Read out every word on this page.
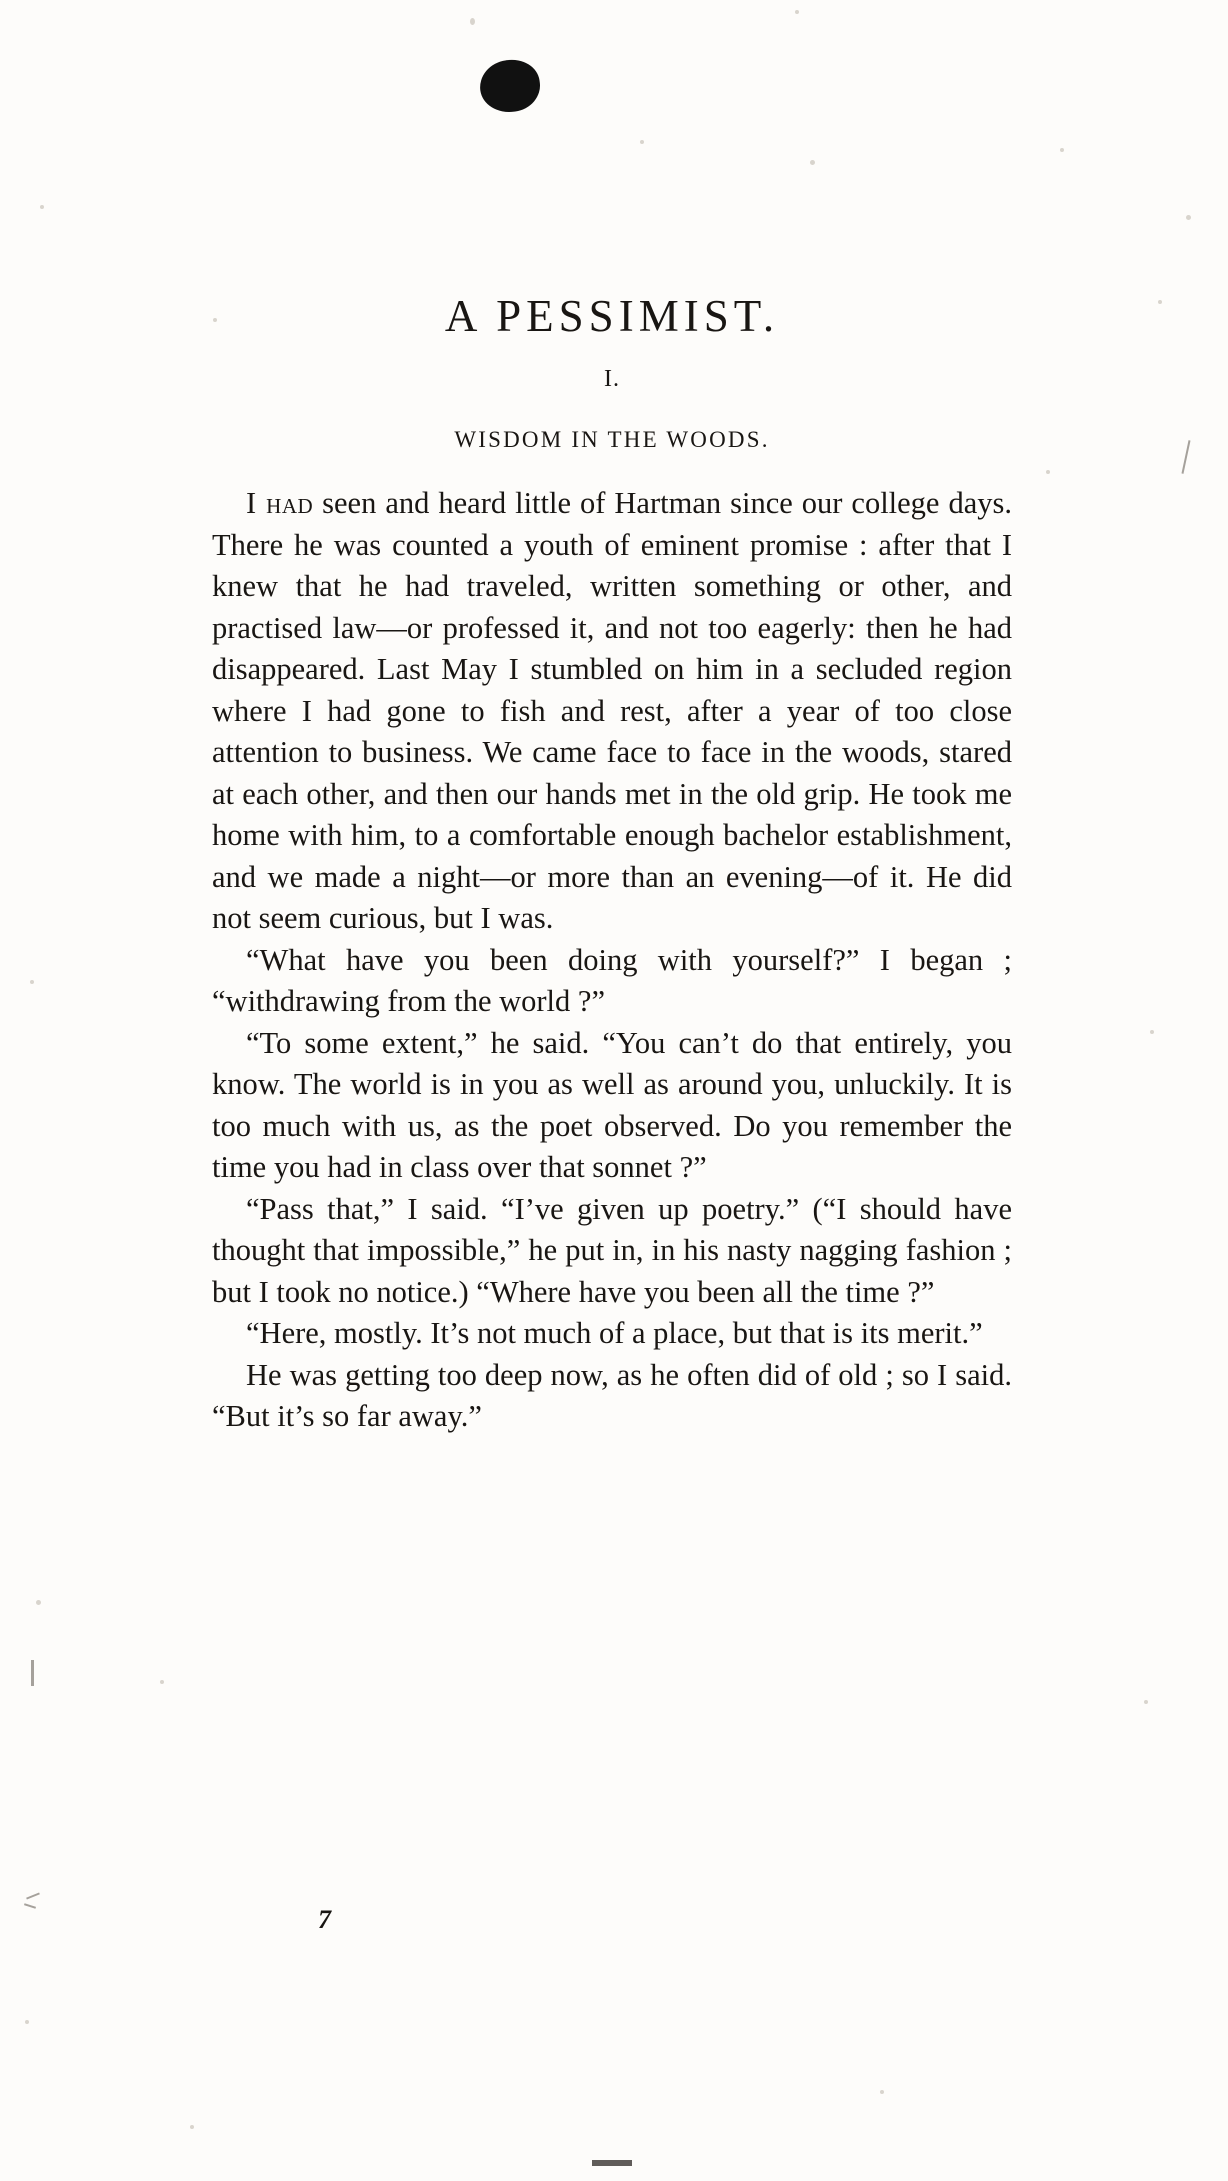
A PESSIMIST.
I.
WISDOM IN THE WOODS.

I had seen and heard little of Hartman since our college days. There he was counted a youth of eminent promise : after that I knew that he had traveled, written something or other, and practised law—or professed it, and not too eagerly: then he had disappeared. Last May I stumbled on him in a secluded region where I had gone to fish and rest, after a year of too close attention to business. We came face to face in the woods, stared at each other, and then our hands met in the old grip. He took me home with him, to a comfortable enough bachelor establishment, and we made a night—or more than an evening—of it. He did not seem curious, but I was.

“What have you been doing with yourself?” I began ; “withdrawing from the world ?”

“To some extent,” he said. “You can’t do that entirely, you know. The world is in you as well as around you, unluckily. It is too much with us, as the poet observed. Do you remember the time you had in class over that sonnet ?”

“Pass that,” I said. “I’ve given up poetry.” (“I should have thought that impossible,” he put in, in his nasty nagging fashion ; but I took no notice.) “Where have you been all the time ?”

“Here, mostly. It’s not much of a place, but that is its merit.”

He was getting too deep now, as he often did of old ; so I said. “But it’s so far away.”

7
